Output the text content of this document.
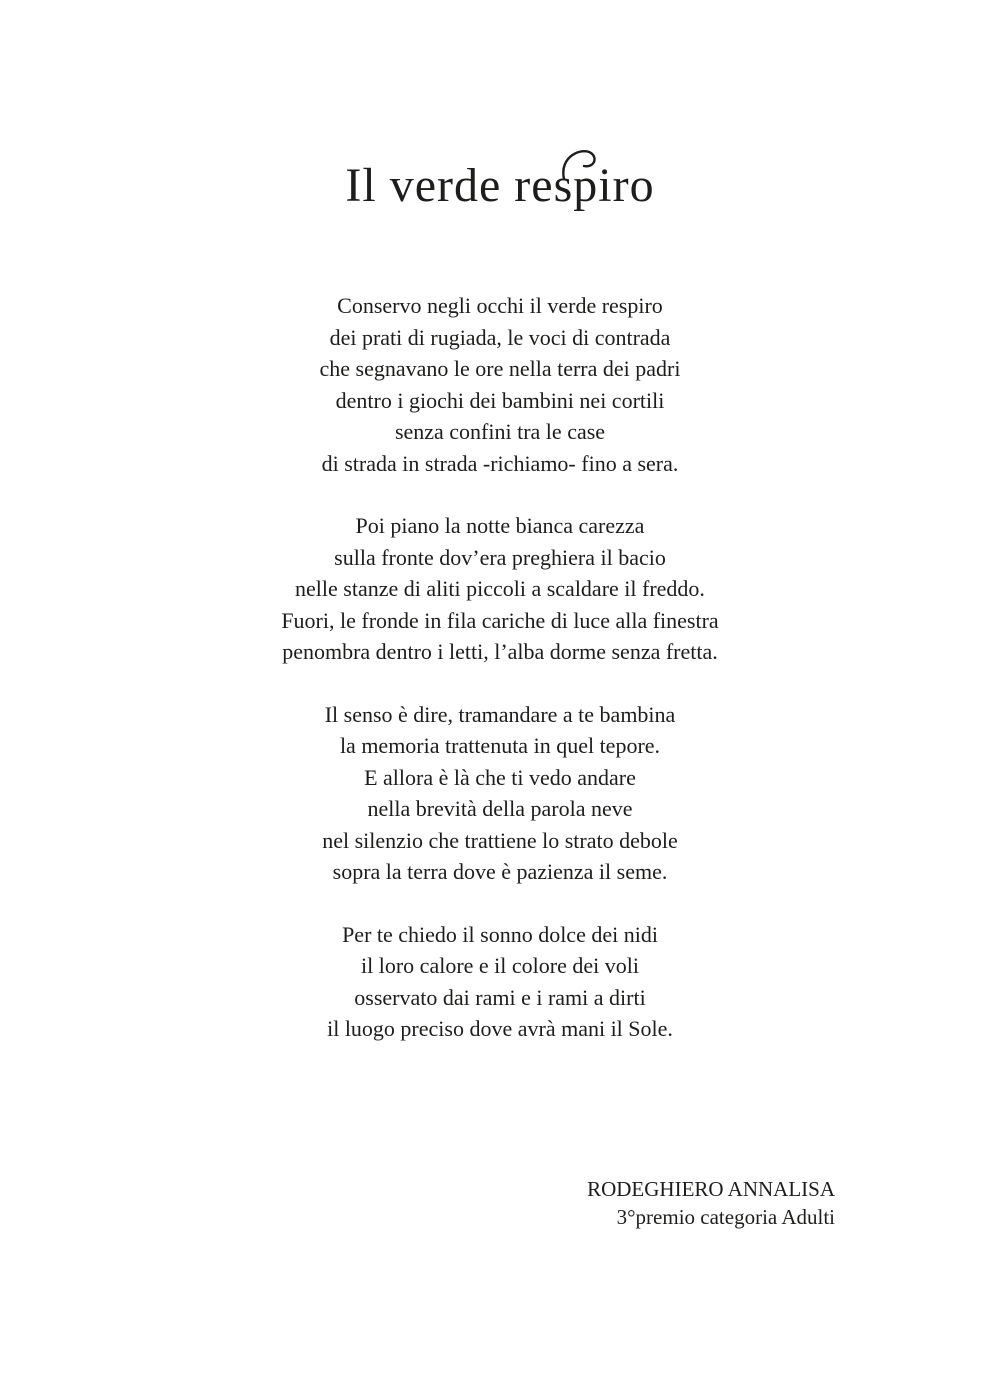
Il verde respiro
Conservo negli occhi il verde respiro
dei prati di rugiada, le voci di contrada
che segnavano le ore nella terra dei padri
dentro i giochi dei bambini nei cortili
senza confini tra le case
di strada in strada -richiamo- fino a sera.
Poi piano la notte bianca carezza
sulla fronte dov’era preghiera il bacio
nelle stanze di aliti piccoli a scaldare il freddo.
Fuori, le fronde in fila cariche di luce alla finestra
penombra dentro i letti, l’alba dorme senza fretta.
Il senso è dire, tramandare a te bambina
la memoria trattenuta in quel tepore.
E allora è là che ti vedo andare
nella brevità della parola neve
nel silenzio che trattiene lo strato debole
sopra la terra dove è pazienza il seme.
Per te chiedo il sonno dolce dei nidi
il loro calore e il colore dei voli
osservato dai rami e i rami a dirti
il luogo preciso dove avrà mani il Sole.
RODEGHIERO ANNALISA
3°premio categoria Adulti
